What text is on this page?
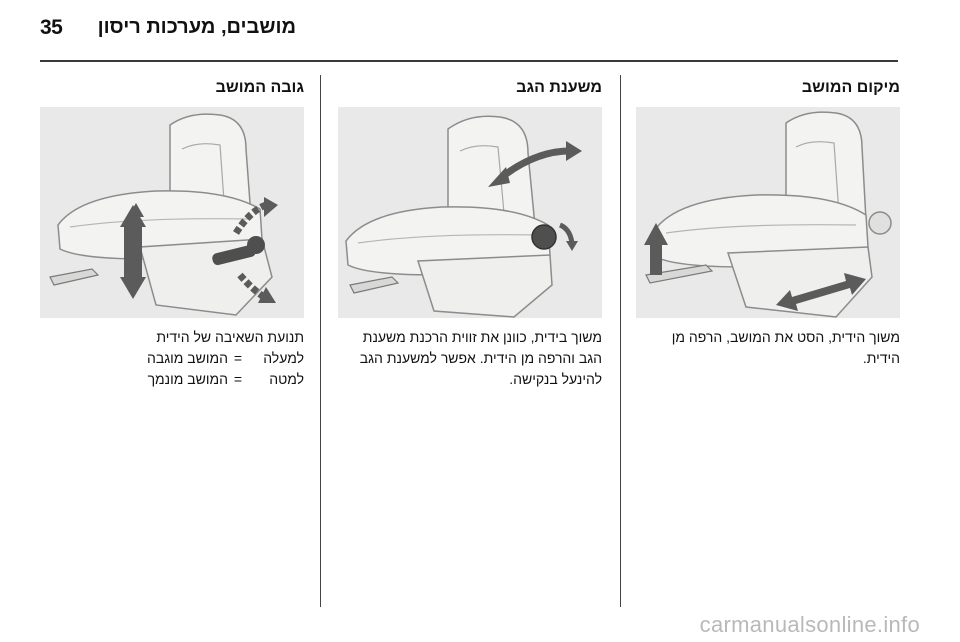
35 מושבים, מערכות ריסון
מיקום המושב

משוך הידית, הסט את המושב, הרפה מן הידית.

משענת הגב

משוך בידית, כוונן את זווית הרכנת משענת הגב והרפה מן הידית. אפשר למשענת הגב להינעל בנקישה.

גובה המושב

תנועת השאיבה של הידית

למעלה
=
המושב מוגבה
למטה
=
המושב מונמך
carmanualsonline.info
